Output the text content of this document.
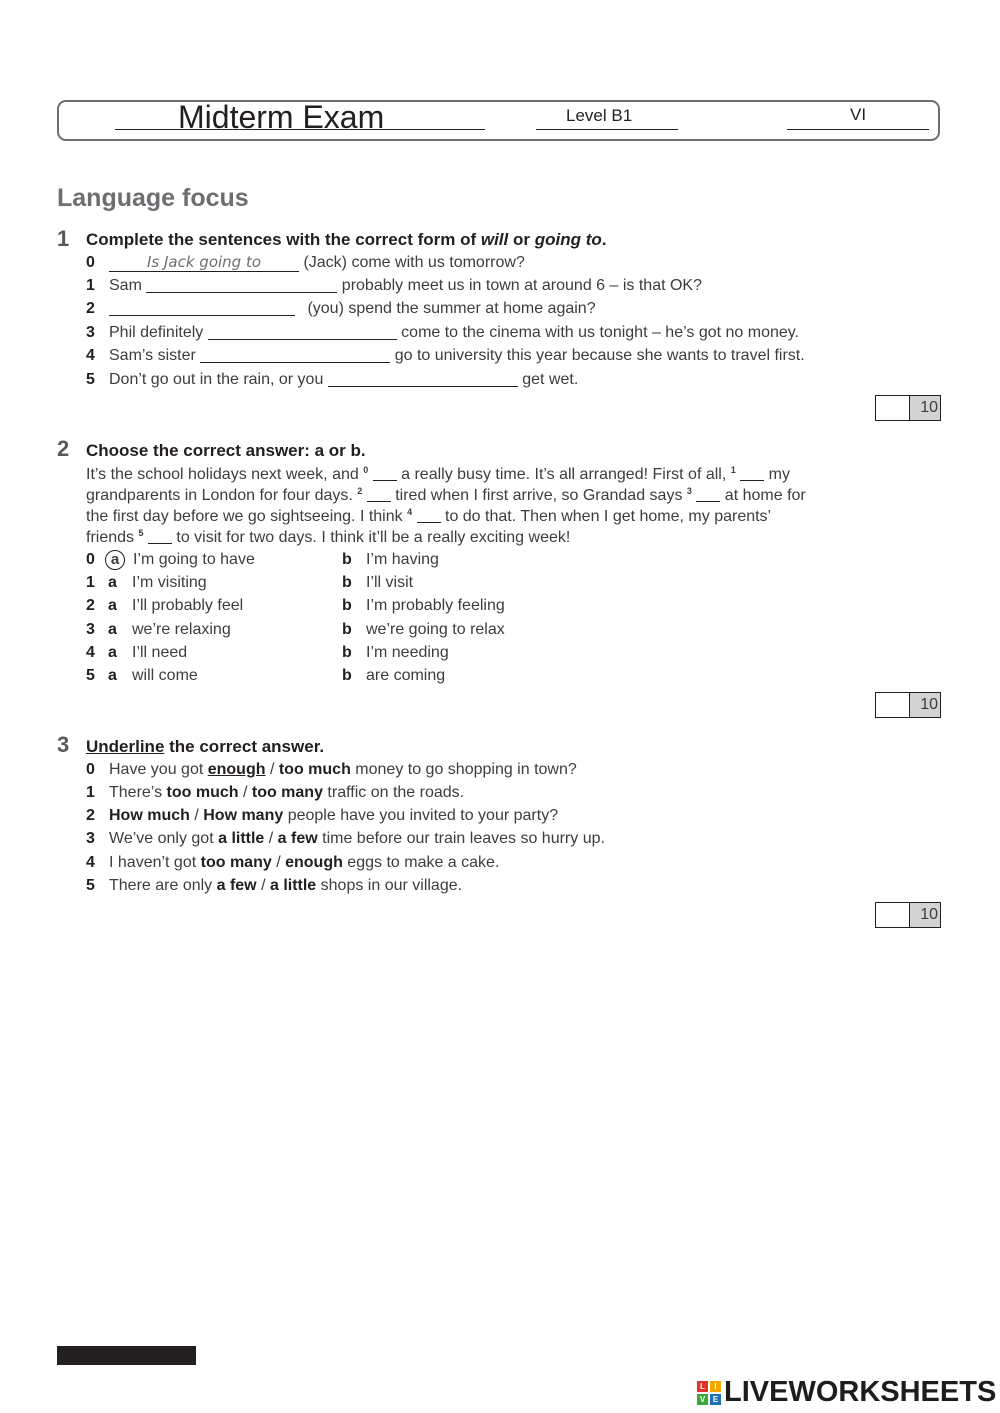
Midterm Exam	Level B1	VI
Language focus
1 Complete the sentences with the correct form of will or going to.
0	Is Jack going to (Jack) come with us tomorrow?
1 Sam	probably meet us in town at around 6 – is that OK?
2	(you) spend the summer at home again?
3 Phil definitely	come to the cinema with us tonight – he’s got no money.
4 Sam’s sister	go to university this year because she wants to travel first.
5 Don’t go out in the rain, or you	get wet.
10
2 Choose the correct answer: a or b.
It’s the school holidays next week, and $^0$  a really busy time. It’s all arranged! First of all, $^1$  my grandparents in London for four days. $^2$  tired when I first arrive, so Grandad says $^3$  at home for the first day before we go sightseeing. I think $^4$  to do that. Then when I get home, my parents’ friends $^5$  to visit for two days. I think it’ll be a really exciting week!
0 a I’m going to have	b I’m having
1 a I’m visiting	b I’ll visit
2 a I’ll probably feel	b I’m probably feeling
3 a we’re relaxing	b we’re going to relax
4 a I’ll need	b I’m needing
5 a will come	b are coming
10
3 Underline the correct answer.
0 Have you got enough / too much money to go shopping in town?
1 There’s too much / too many traffic on the roads.
2 How much / How many people have you invited to your party?
3 We’ve only got a little / a few time before our train leaves so hurry up.
4 I haven’t got too many / enough eggs to make a cake.
5 There are only a few / a little shops in our village.
10
L	I
V E LIVEWORKSHEETS
